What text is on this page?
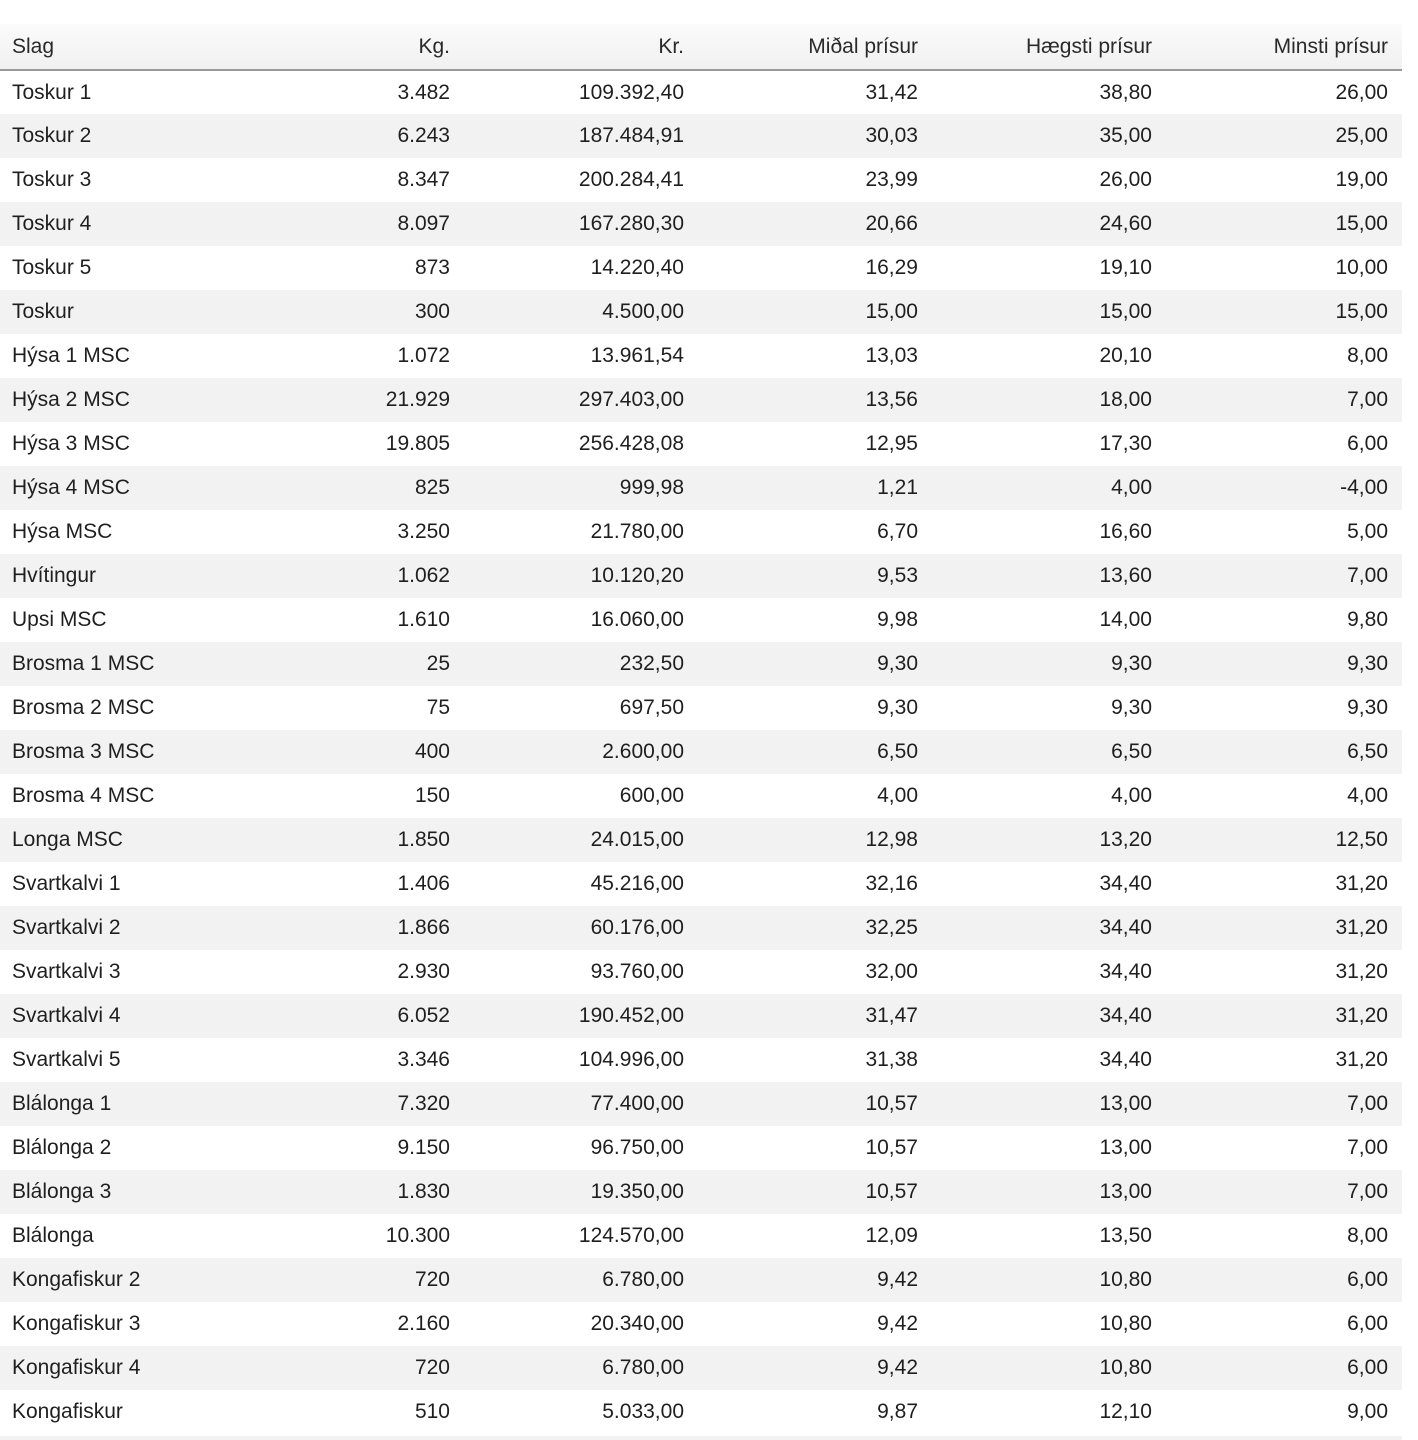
Slag	Kg.	Kr.	Miðal prísur	Hægsti prísur	Minsti prísur
Toskur 1	3.482	109.392,40	31,42	38,80	26,00
Toskur 2	6.243	187.484,91	30,03	35,00	25,00
Toskur 3	8.347	200.284,41	23,99	26,00	19,00
Toskur 4	8.097	167.280,30	20,66	24,60	15,00
Toskur 5	873	14.220,40	16,29	19,10	10,00
Toskur	300	4.500,00	15,00	15,00	15,00
Hýsa 1 MSC	1.072	13.961,54	13,03	20,10	8,00
Hýsa 2 MSC	21.929	297.403,00	13,56	18,00	7,00
Hýsa 3 MSC	19.805	256.428,08	12,95	17,30	6,00
Hýsa 4 MSC	825	999,98	1,21	4,00	-4,00
Hýsa MSC	3.250	21.780,00	6,70	16,60	5,00
Hvítingur	1.062	10.120,20	9,53	13,60	7,00
Upsi MSC	1.610	16.060,00	9,98	14,00	9,80
Brosma 1 MSC	25	232,50	9,30	9,30	9,30
Brosma 2 MSC	75	697,50	9,30	9,30	9,30
Brosma 3 MSC	400	2.600,00	6,50	6,50	6,50
Brosma 4 MSC	150	600,00	4,00	4,00	4,00
Longa MSC	1.850	24.015,00	12,98	13,20	12,50
Svartkalvi 1	1.406	45.216,00	32,16	34,40	31,20
Svartkalvi 2	1.866	60.176,00	32,25	34,40	31,20
Svartkalvi 3	2.930	93.760,00	32,00	34,40	31,20
Svartkalvi 4	6.052	190.452,00	31,47	34,40	31,20
Svartkalvi 5	3.346	104.996,00	31,38	34,40	31,20
Blálonga 1	7.320	77.400,00	10,57	13,00	7,00
Blálonga 2	9.150	96.750,00	10,57	13,00	7,00
Blálonga 3	1.830	19.350,00	10,57	13,00	7,00
Blálonga	10.300	124.570,00	12,09	13,50	8,00
Kongafiskur 2	720	6.780,00	9,42	10,80	6,00
Kongafiskur 3	2.160	20.340,00	9,42	10,80	6,00
Kongafiskur 4	720	6.780,00	9,42	10,80	6,00
Kongafiskur	510	5.033,00	9,87	12,10	9,00
